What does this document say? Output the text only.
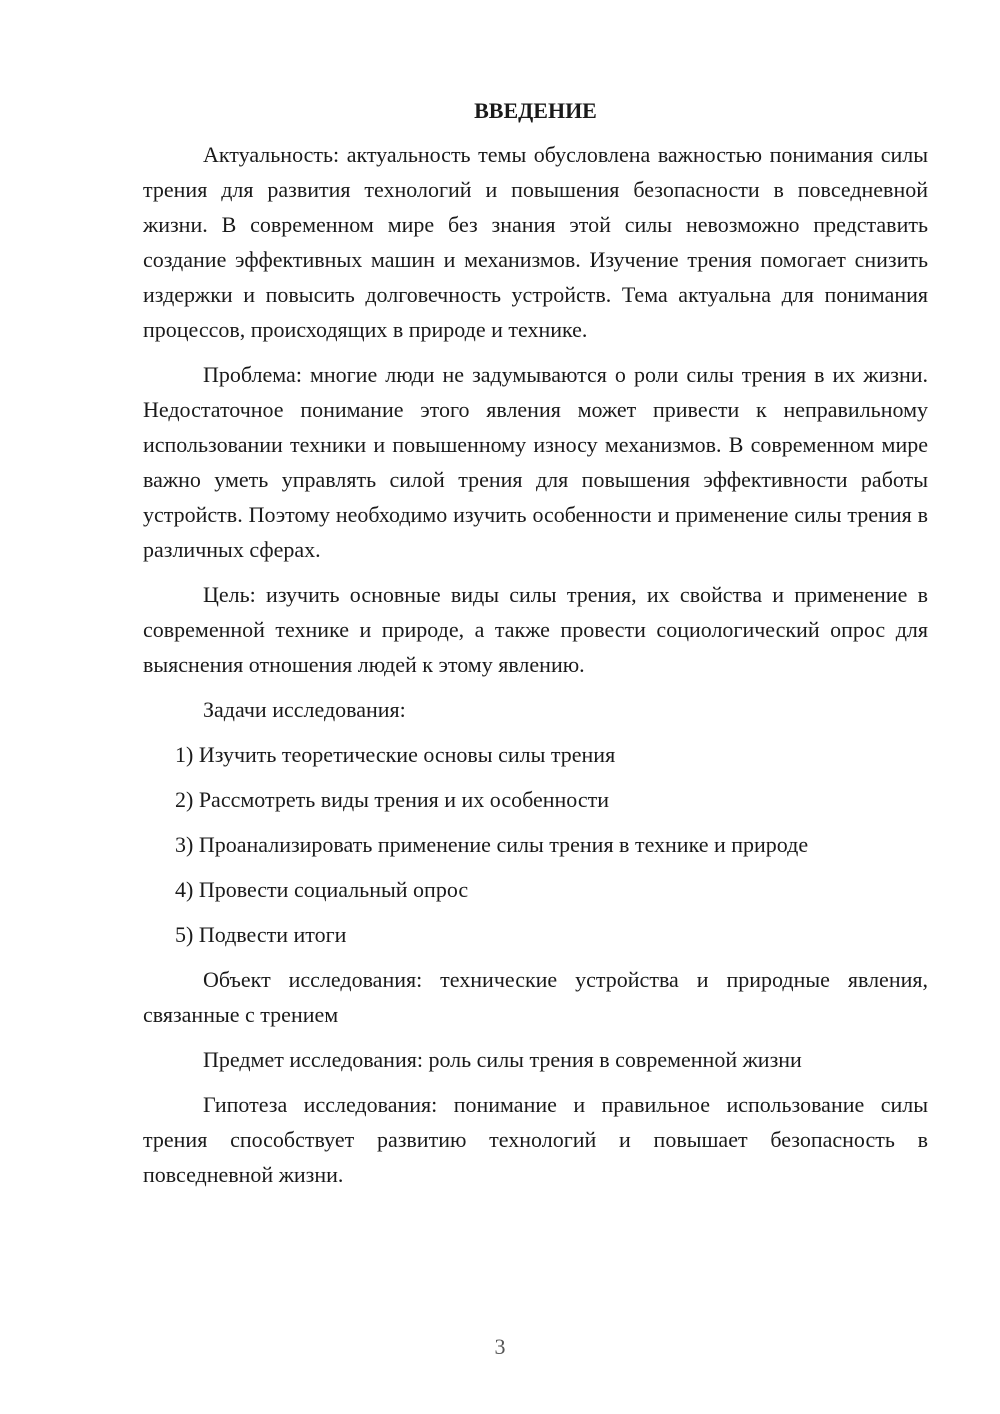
ВВЕДЕНИЕ

Актуальность: актуальность темы обусловлена важностью понимания силы трения для развития технологий и повышения безопасности в повседневной жизни. В современном мире без знания этой силы невозможно представить создание эффективных машин и механизмов. Изучение трения помогает снизить издержки и повысить долговечность устройств. Тема актуальна для понимания процессов, происходящих в природе и технике.

Проблема: многие люди не задумываются о роли силы трения в их жизни. Недостаточное понимание этого явления может привести к неправильному использовании техники и повышенному износу механизмов. В современном мире важно уметь управлять силой трения для повышения эффективности работы устройств. Поэтому необходимо изучить особенности и применение силы трения в различных сферах.

Цель: изучить основные виды силы трения, их свойства и применение в современной технике и природе, а также провести социологический опрос для выяснения отношения людей к этому явлению.

Задачи исследования:

1) Изучить теоретические основы силы трения
2) Рассмотреть виды трения и их особенности
3) Проанализировать применение силы трения в технике и природе
4) Провести социальный опрос
5) Подвести итоги

Объект исследования: технические устройства и природные явления, связанные с трением

Предмет исследования: роль силы трения в современной жизни

Гипотеза исследования: понимание и правильное использование силы трения способствует развитию технологий и повышает безопасность в повседневной жизни.

3
